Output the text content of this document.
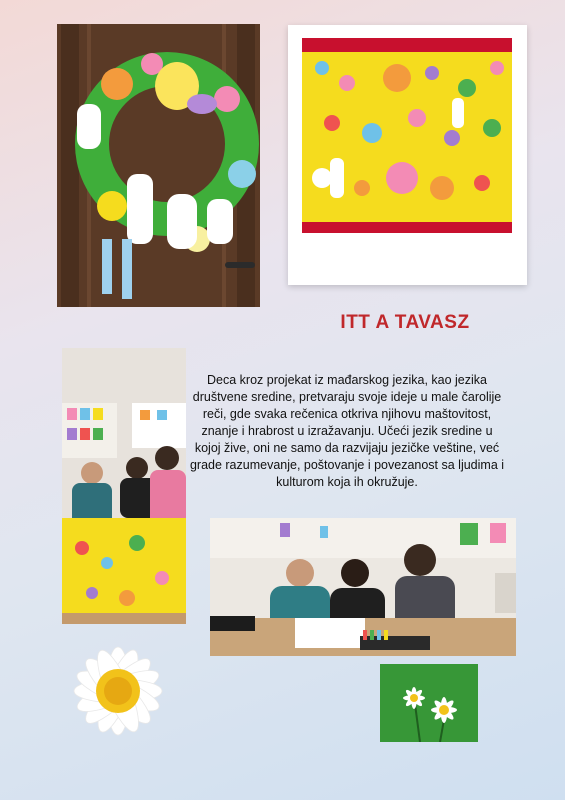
ITT A TAVASZ
Deca kroz projekat iz mađarskog jezika, kao jezika društvene sredine, pretvaraju svoje ideje u male čarolije reči, gde svaka rečenica otkriva njihovu maštovitost, znanje i hrabrost u izražavanju. Učeći jezik sredine u kojoj žive, oni ne samo da razvijaju jezičke veštine, već grade razumevanje, poštovanje i povezanost sa ljudima i kulturom koja ih okružuje.
